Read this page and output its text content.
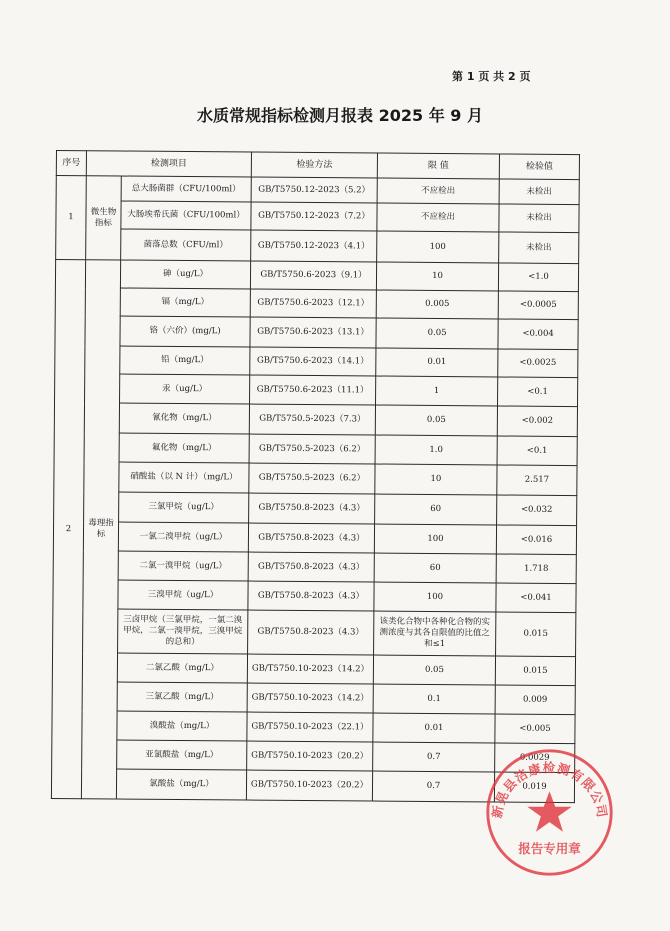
第 1 页 共 2 页
水质常规指标检测月报表 2025 年 9 月
序号	检测项目		检验方法	限 值	检验值
1	微生物指标	总大肠菌群（CFU/100ml）	GB/T5750.12-2023（5.2）	不应检出	未检出
		大肠埃希氏菌（CFU/100ml）	GB/T5750.12-2023（7.2）	不应检出	未检出
		菌落总数（CFU/ml）	GB/T5750.12-2023（4.1）	100	未检出
2	毒理指标	砷（ug/L）	GB/T5750.6-2023（9.1）	10	<1.0
		镉（mg/L）	GB/T5750.6-2023（12.1）	0.005	<0.0005
		铬（六价）(mg/L)	GB/T5750.6-2023（13.1）	0.05	<0.004
		铅（mg/L）	GB/T5750.6-2023（14.1）	0.01	<0.0025
		汞（ug/L）	GB/T5750.6-2023（11.1）	1	<0.1
		氰化物（mg/L）	GB/T5750.5-2023（7.3）	0.05	<0.002
		氟化物（mg/L）	GB/T5750.5-2023（6.2）	1.0	<0.1
		硝酸盐（以 N 计）（mg/L）	GB/T5750.5-2023（6.2）	10	2.517
		三氯甲烷（ug/L）	GB/T5750.8-2023（4.3）	60	<0.032
		一氯二溴甲烷（ug/L）	GB/T5750.8-2023（4.3）	100	<0.016
		二氯一溴甲烷（ug/L）	GB/T5750.8-2023（4.3）	60	1.718
		三溴甲烷（ug/L）	GB/T5750.8-2023（4.3）	100	<0.041
		三卤甲烷（三氯甲烷，一氯二溴甲烷，二氯一溴甲烷，三溴甲烷的总和）	GB/T5750.8-2023（4.3）	该类化合物中各种化合物的实测浓度与其各自限值的比值之和≤1	0.015
		二氯乙酸（mg/L）	GB/T5750.10-2023（14.2）	0.05	0.015
		三氯乙酸（mg/L）	GB/T5750.10-2023（14.2）	0.1	0.009
		溴酸盐（mg/L）	GB/T5750.10-2023（22.1）	0.01	<0.005
		亚氯酸盐（mg/L）	GB/T5750.10-2023（20.2）	0.7	0.0029
		氯酸盐（mg/L）	GB/T5750.10-2023（20.2）	0.7	0.019
新晃县洁康检测有限公司
报告专用章
